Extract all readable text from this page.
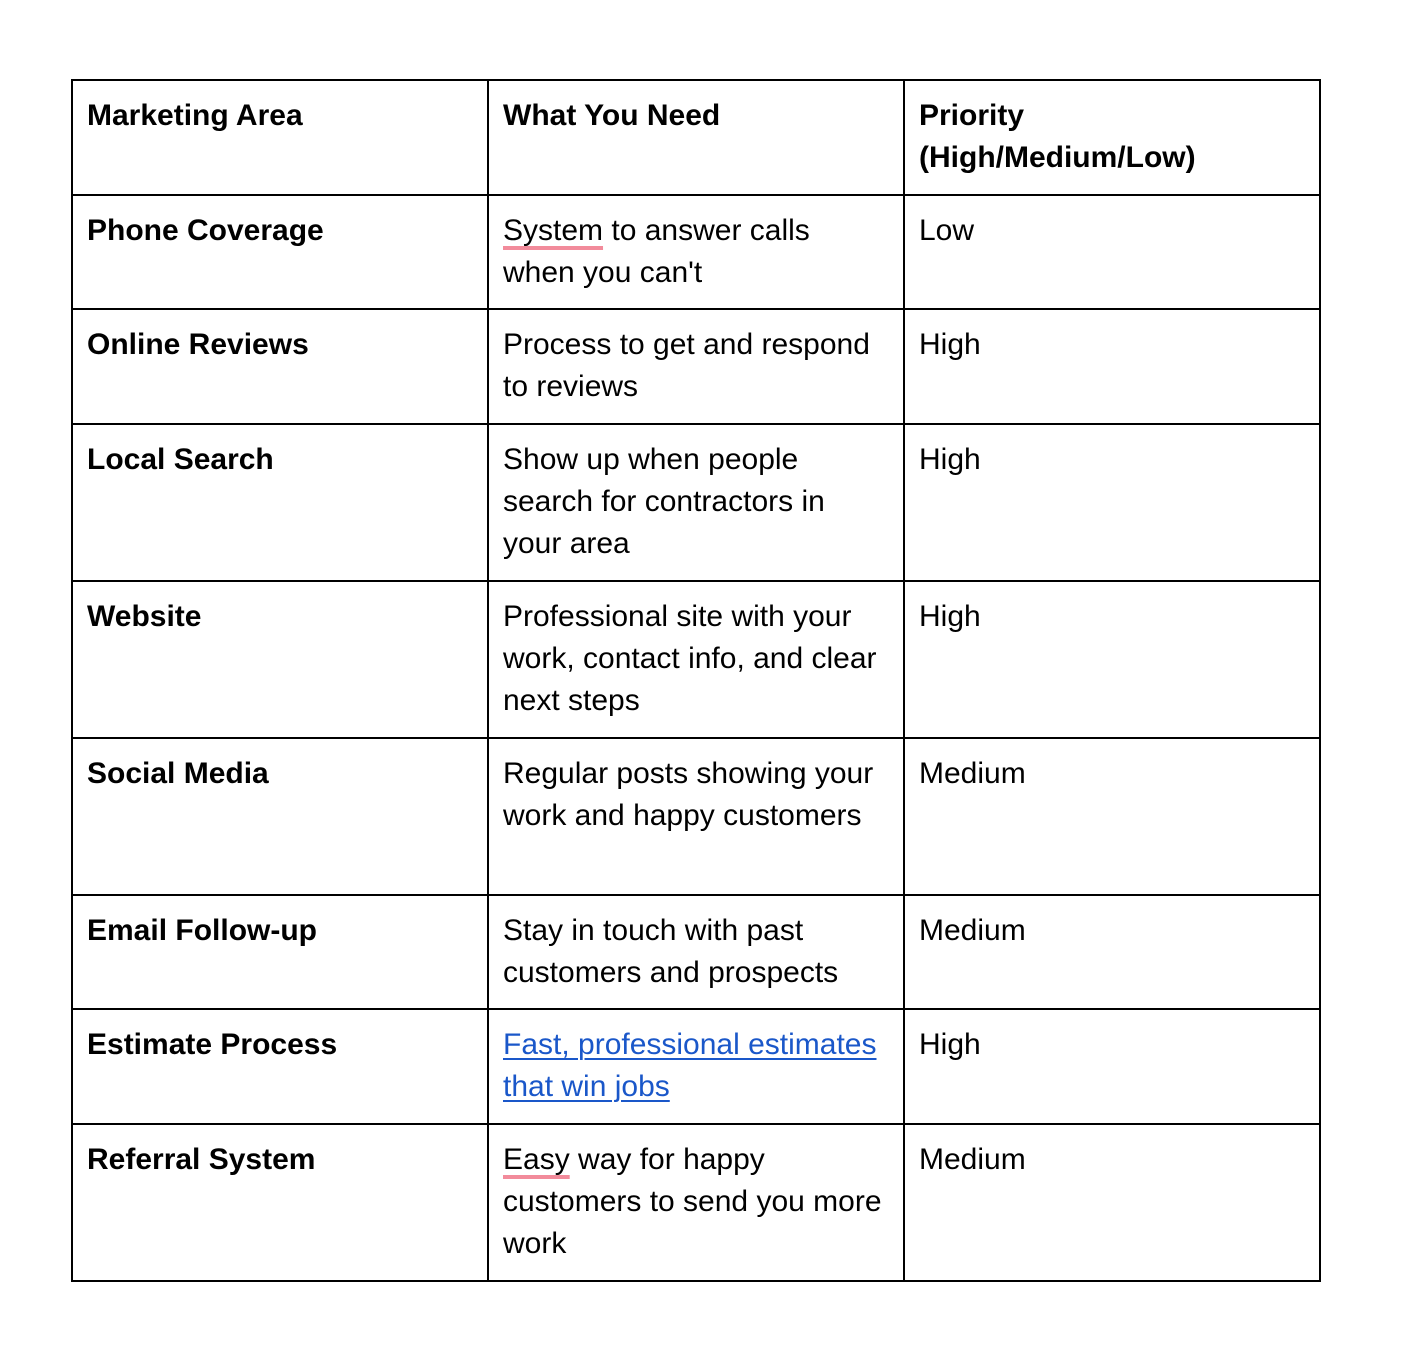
Marketing Area	What You Need	Priority (High/Medium/Low)
Phone Coverage	System to answer calls when you can't	Low
Online Reviews	Process to get and respond to reviews	High
Local Search	Show up when people search for contractors in your area	High
Website	Professional site with your work, contact info, and clear next steps	High
Social Media	Regular posts showing your work and happy customers	Medium
Email Follow-up	Stay in touch with past customers and prospects	Medium
Estimate Process	Fast, professional estimates that win jobs	High
Referral System	Easy way for happy customers to send you more work	Medium
